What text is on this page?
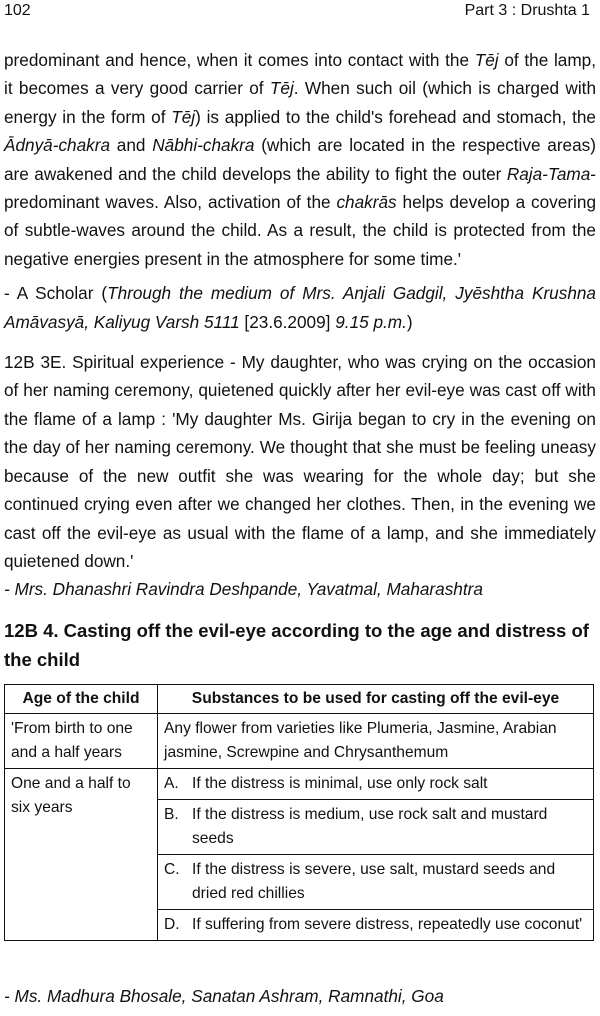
102	Part 3 : Drushta 1

predominant and hence, when it comes into contact with the Tēj of the lamp, it becomes a very good carrier of Tēj. When such oil (which is charged with energy in the form of Tēj) is applied to the child's forehead and stomach, the Ādnyā-chakra and Nābhi-chakra (which are located in the respective areas) are awakened and the child develops the ability to fight the outer Raja-Tama-predominant waves. Also, activation of the chakrās helps develop a covering of subtle-waves around the child. As a result, the child is protected from the negative energies present in the atmosphere for some time.'

- A Scholar (Through the medium of Mrs. Anjali Gadgil, Jyēshtha Krushna Amāvasyā, Kaliyug Varsh 5111 [23.6.2009] 9.15 p.m.)

12B 3E. Spiritual experience - My daughter, who was crying on the occasion of her naming ceremony, quietened quickly after her evil-eye was cast off with the flame of a lamp : 'My daughter Ms. Girija began to cry in the evening on the day of her naming ceremony. We thought that she must be feeling uneasy because of the new outfit she was wearing for the whole day; but she continued crying even after we changed her clothes. Then, in the evening we cast off the evil-eye as usual with the flame of a lamp, and she immediately quietened down.'

- Mrs. Dhanashri Ravindra Deshpande, Yavatmal, Maharashtra

12B 4. Casting off the evil-eye according to the age and distress of the child
Age of the child	Substances to be used for casting off the evil-eye
'From birth to one and a half years	Any flower from varieties like Plumeria, Jasmine, Arabian jasmine, Screwpine and Chrysanthemum
One and a half to six years	A. If the distress is minimal, use only rock salt

	B. If the distress is medium, use rock salt and mustard seeds

	C. If the distress is severe, use salt, mustard seeds and dried red chillies

	D. If suffering from severe distress, repeatedly use coconut'
- Ms. Madhura Bhosale, Sanatan Ashram, Ramnathi, Goa
